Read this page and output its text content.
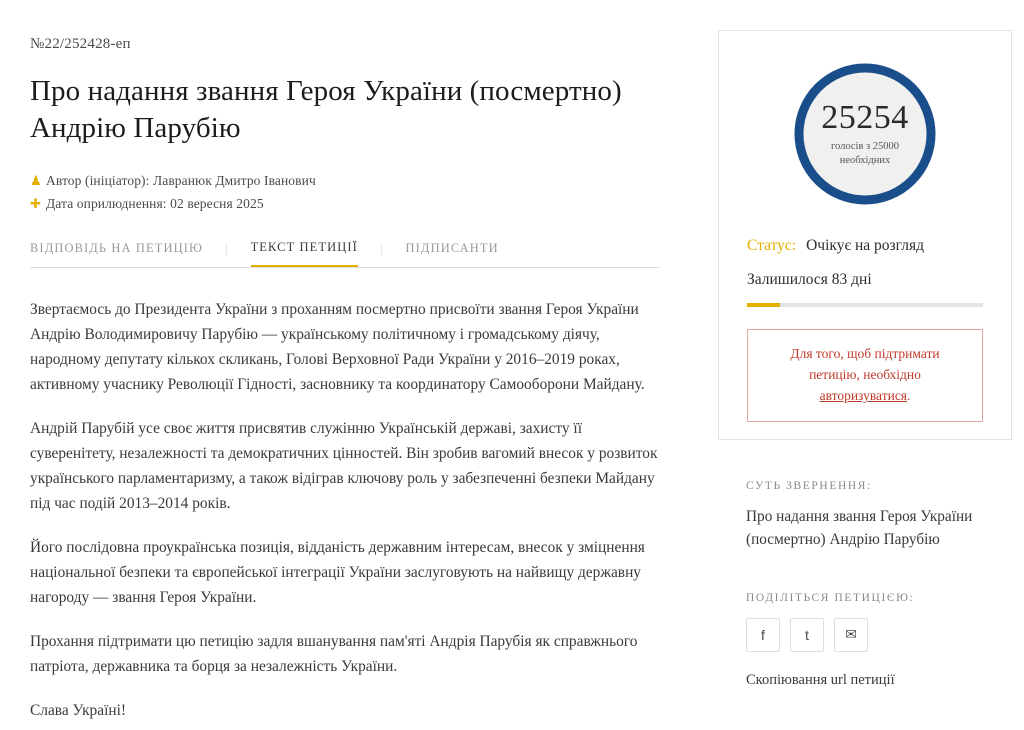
№22/252428-еп
Про надання звання Героя України (посмертно) Андрію Парубію
♟ Автор (ініціатор): Лавранюк Дмитро Іванович
✚ Дата оприлюднення: 02 вересня 2025
ВІДПОВІДЬ НА ПЕТИЦІЮ | ТЕКСТ ПЕТИЦІЇ | ПІДПИСАНТИ

Звертаємось до Президента України з проханням посмертно присвоїти звання Героя України Андрію Володимировичу Парубію — українському політичному і громадському діячу, народному депутату кількох скликань, Голові Верховної Ради України у 2016–2019 роках, активному учаснику Революції Гідності, засновнику та координатору Самооборони Майдану.

Андрій Парубій усе своє життя присвятив служінню Українській державі, захисту її суверенітету, незалежності та демократичних цінностей. Він зробив вагомий внесок у розвиток українського парламентаризму, а також відіграв ключову роль у забезпеченні безпеки Майдану під час подій 2013–2014 років.

Його послідовна проукраїнська позиція, відданість державним інтересам, внесок у зміцнення національної безпеки та європейської інтеграції України заслуговують на найвищу державну нагороду — звання Героя України.

Прохання підтримати цю петицію задля вшанування пам'яті Андрія Парубія як справжнього патріота, державника та борця за незалежність України.

Слава Україні!

25254
голосів з 25000
необхідних
Статус: Очікує на розгляд
Залишилося 83 дні
Для того, щоб підтримати
петицію, необхідно
авторизуватися.
СУТЬ ЗВЕРНЕННЯ:
Про надання звання Героя України (посмертно) Андрію Парубію
ПОДІЛІТЬСЯ ПЕТИЦІЄЮ:
f	t	✉
Скопіювання url петиції
